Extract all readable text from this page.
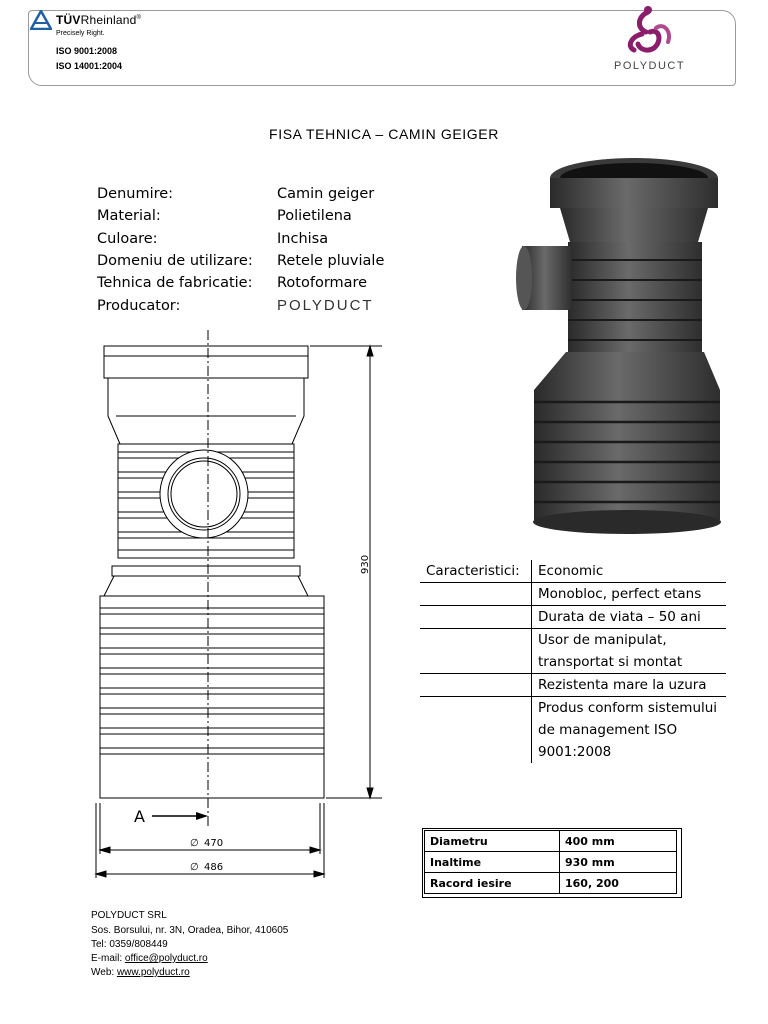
TÜVRheinland®
Precisely Right.
ISO 9001:2008
ISO 14001:2004	POLYDUCT
FISA TEHNICA – CAMIN GEIGER
Denumire:	Camin geiger
Material:	Polietilena
Culoare:	Inchisa
Domeniu de utilizare: Retele pluviale
Tehnica de fabricatie: Rotoformare
Producator:	POLYDUCT
930
A
∅ 470
∅ 486
Caracteristici:	Economic
Monobloc, perfect etans
Durata de viata – 50 ani
Usor de manipulat, transportat si montat
Rezistenta mare la uzura
Produs conform sistemului de management ISO 9001:2008
Diametru	400 mm
Inaltime	930 mm
Racord iesire	160, 200
POLYDUCT SRL
Sos. Borsului, nr. 3N, Oradea, Bihor, 410605
Tel: 0359/808449
E-mail: office@polyduct.ro
Web: www.polyduct.ro
